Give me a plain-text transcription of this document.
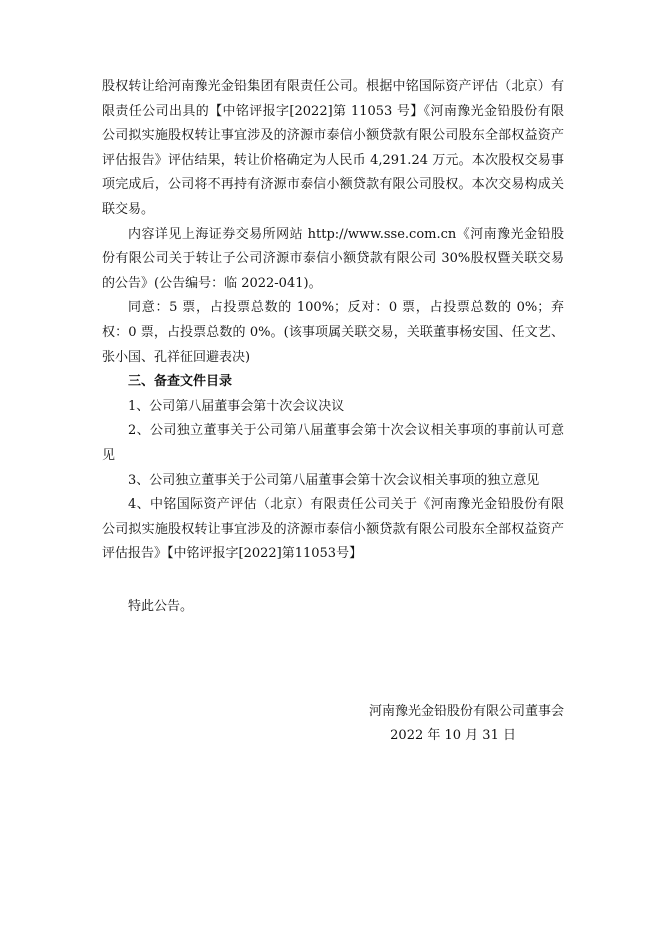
股权转让给河南豫光金铅集团有限责任公司。根据中铭国际资产评估（北京）有限责任公司出具的【中铭评报字[2022]第 11053 号】《河南豫光金铅股份有限公司拟实施股权转让事宜涉及的济源市泰信小额贷款有限公司股东全部权益资产评估报告》评估结果，转让价格确定为人民币 4,291.24 万元。本次股权交易事项完成后，公司将不再持有济源市泰信小额贷款有限公司股权。本次交易构成关联交易。

内容详见上海证券交易所网站 http://www.sse.com.cn《河南豫光金铅股份有限公司关于转让子公司济源市泰信小额贷款有限公司 30%股权暨关联交易的公告》(公告编号：临 2022-041)。

同意：5 票，占投票总数的 100%；反对：0 票，占投票总数的 0%；弃权：0 票，占投票总数的 0%。(该事项属关联交易，关联董事杨安国、任文艺、张小国、孔祥征回避表决)

三、备查文件目录

1、公司第八届董事会第十次会议决议

2、公司独立董事关于公司第八届董事会第十次会议相关事项的事前认可意见

3、公司独立董事关于公司第八届董事会第十次会议相关事项的独立意见

4、中铭国际资产评估（北京）有限责任公司关于《河南豫光金铅股份有限公司拟实施股权转让事宜涉及的济源市泰信小额贷款有限公司股东全部权益资产评估报告》【中铭评报字[2022]第11053号】

特此公告。

河南豫光金铅股份有限公司董事会
2022 年 10 月 31 日
